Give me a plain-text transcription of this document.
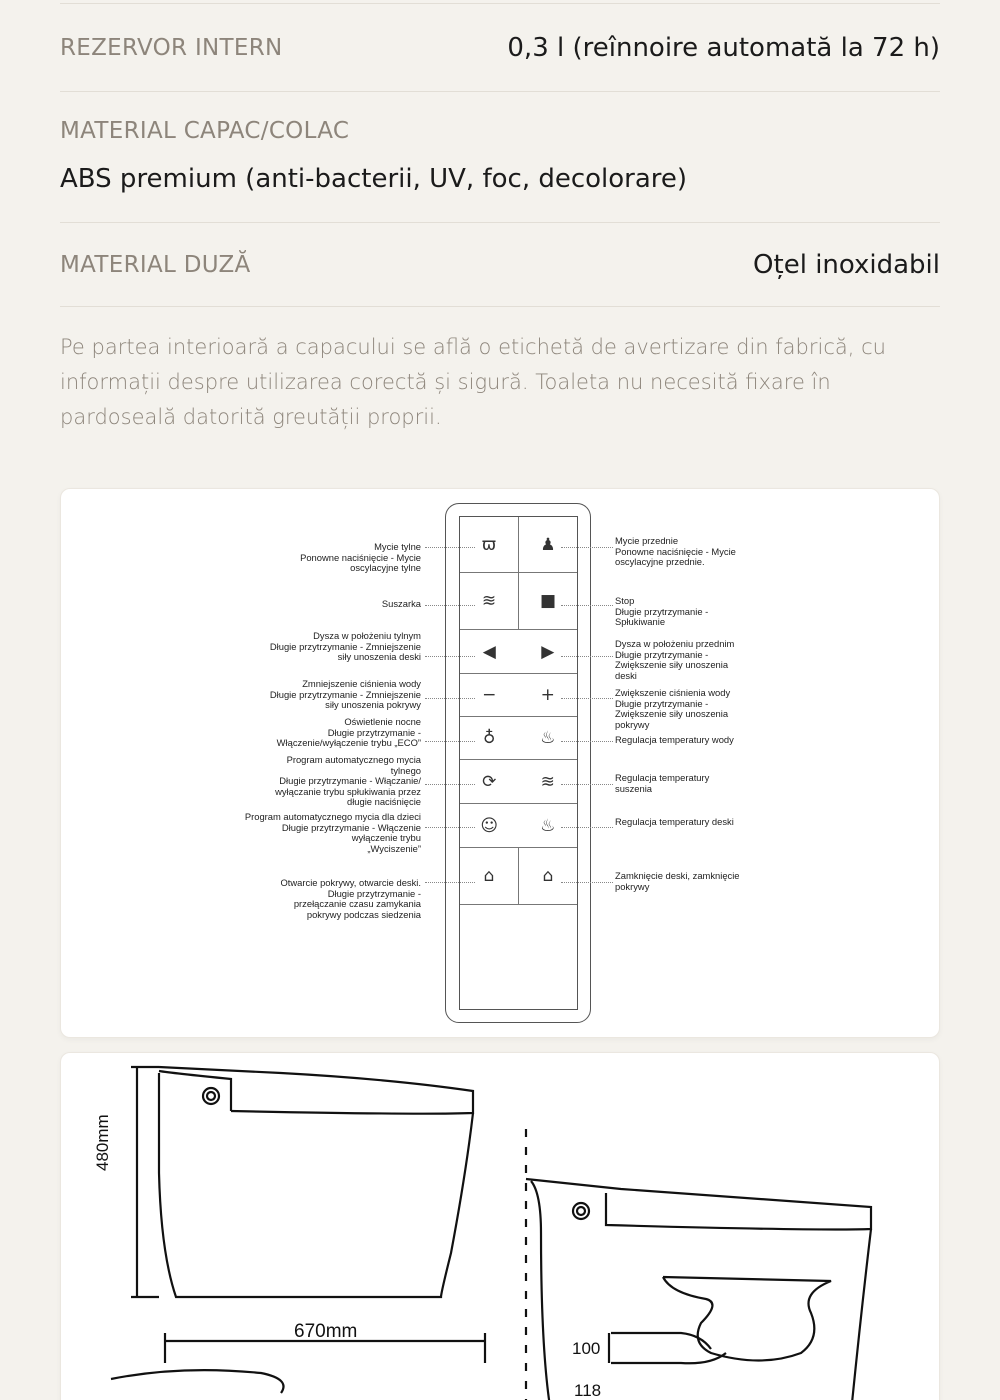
REZERVOR INTERN	0,3 l (reînnoire automată la 72 h)
MATERIAL CAPAC/COLAC
ABS premium (anti-bacterii, UV, foc, decolorare)
MATERIAL DUZĂ	Oțel inoxidabil

Pe partea interioară a capacului se află o etichetă de avertizare din fabrică, cu informații despre utilizarea corectă și sigură. Toaleta nu necesită fixare în pardoseală datorită greutății proprii.

ϖ	♟
≋	■
◀	▶
−	+
♁	♨
⟳	≋
☺	♨
⌂	⌂
Mycie tylne
Ponowne naciśnięcie - Mycie
oscylacyjne tylne
Suszarka
Dysza w położeniu tylnym
Długie przytrzymanie - Zmniejszenie
siły unoszenia deski
Zmniejszenie ciśnienia wody
Długie przytrzymanie - Zmniejszenie
siły unoszenia pokrywy
Oświetlenie nocne
Długie przytrzymanie -
Włączenie/wyłączenie trybu „ECO”
Program automatycznego mycia
tylnego
Długie przytrzymanie - Włączanie/
wyłączanie trybu spłukiwania przez
długie naciśnięcie
Program automatycznego mycia dla dzieci
Długie przytrzymanie - Włączenie
wyłączenie trybu
„Wyciszenie”
Otwarcie pokrywy, otwarcie deski.
Długie przytrzymanie -
przełączanie czasu zamykania
pokrywy podczas siedzenia
Mycie przednie
Ponowne naciśnięcie - Mycie
oscylacyjne przednie.
Stop
Długie przytrzymanie -
Spłukiwanie
Dysza w położeniu przednim
Długie przytrzymanie -
Zwiększenie siły unoszenia
deski
Zwiększenie ciśnienia wody
Długie przytrzymanie -
Zwiększenie siły unoszenia
pokrywy
Regulacja temperatury wody
Regulacja temperatury
suszenia
Regulacja temperatury deski
Zamknięcie deski, zamknięcie
pokrywy
480mm
670mm
100
118
